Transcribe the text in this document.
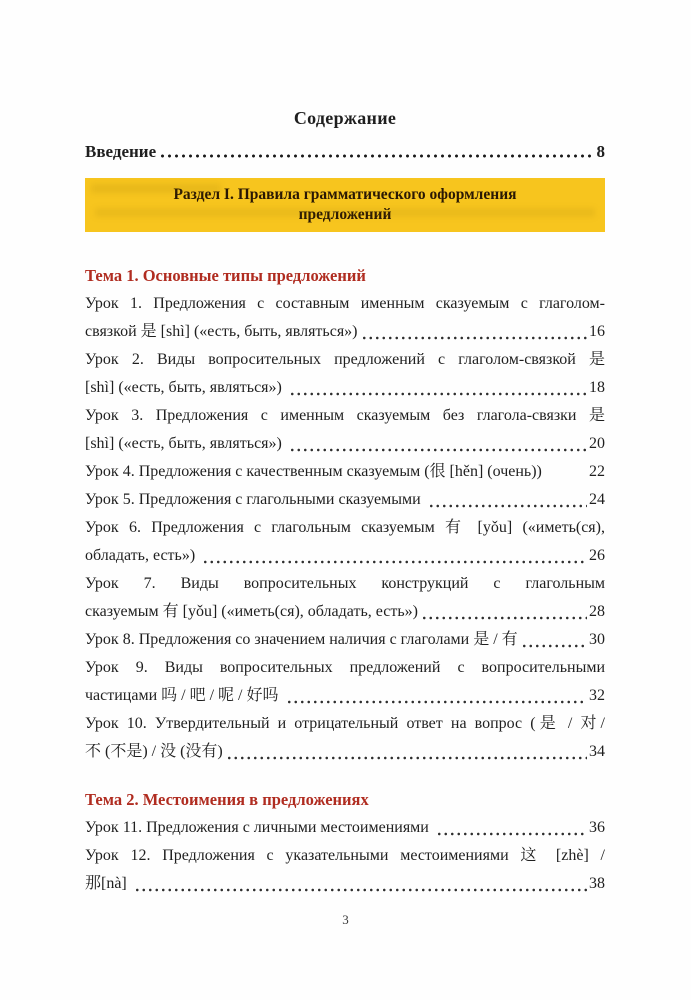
Содержание
Введение	8
Раздел I. Правила грамматического оформления
предложений
Тема 1. Основные типы предложений
Урок 1. Предложения с составным именным сказуемым с глаголом-
связкой 是 [shì] («есть, быть, являться»)	16
Урок 2. Виды вопросительных предложений с глаголом-связкой 是
[shì] («есть, быть, являться»)	18
Урок 3. Предложения с именным сказуемым без глагола-связки 是
[shì] («есть, быть, являться»)	20
Урок 4. Предложения с качественным сказуемым (很 [hěn] (очень))	22
Урок 5. Предложения с глагольными сказуемыми	24
Урок 6. Предложения с глагольным сказуемым 有 [yǒu] («иметь(ся),
обладать, есть»)	26
Урок 7. Виды вопросительных конструкций с глагольным
сказуемым 有 [yǒu] («иметь(ся), обладать, есть»)	28
Урок 8. Предложения со значением наличия с глаголами 是 / 有	30
Урок 9. Виды вопросительных предложений с вопросительными
частицами 吗 / 吧 / 呢 / 好吗	32
Урок 10. Утвердительный и отрицательный ответ на вопрос (是 / 对/
不 (不是) / 没 (没有)	34
Тема 2. Местоимения в предложениях
Урок 11. Предложения с личными местоимениями	36
Урок 12. Предложения с указательными местоимениями 这 [zhè] /
那[nà]	38
3
